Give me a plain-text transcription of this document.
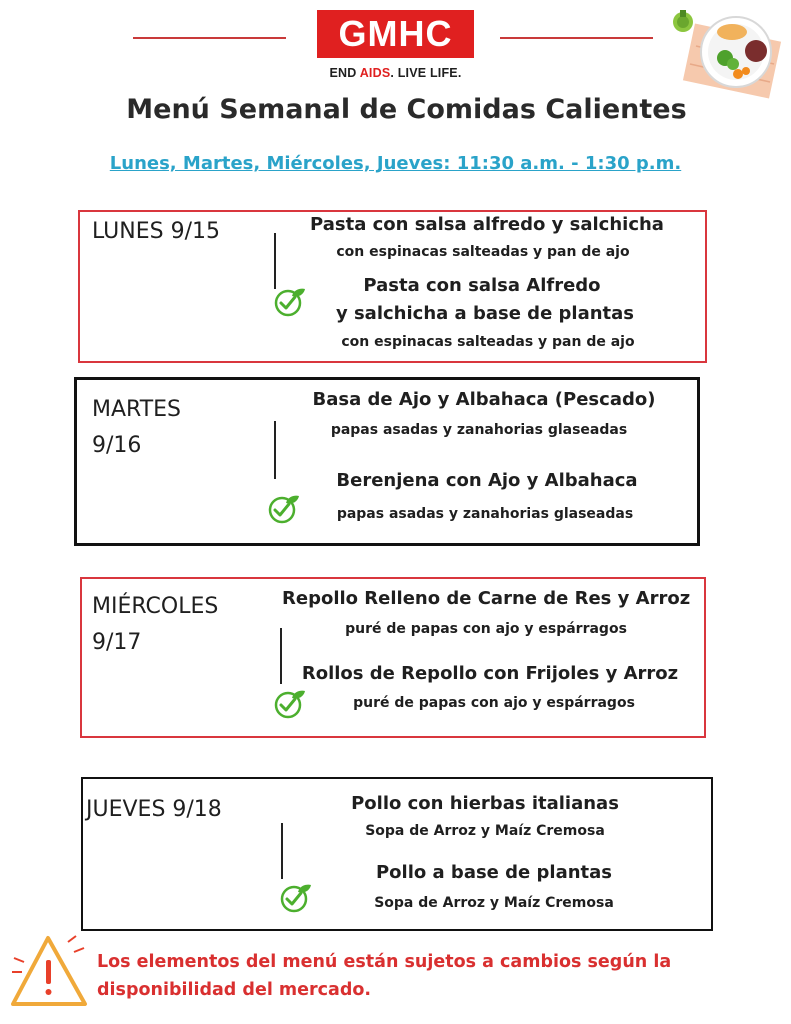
GMHC
END AIDS. LIVE LIFE.
Menú Semanal de Comidas Calientes
Lunes, Martes, Miércoles, Jueves: 11:30 a.m. - 1:30 p.m.
LUNES 9/15	Pasta con salsa alfredo y salchicha
con espinacas salteadas y pan de ajo
Pasta con salsa Alfredo
y salchicha a base de plantas
con espinacas salteadas y pan de ajo
MARTES
9/16
Basa de Ajo y Albahaca (Pescado)
papas asadas y zanahorias glaseadas
Berenjena con Ajo y Albahaca
papas asadas y zanahorias glaseadas
MIÉRCOLES
9/17
Repollo Relleno de Carne de Res y Arroz
puré de papas con ajo y espárragos
Rollos de Repollo con Frijoles y Arroz
puré de papas con ajo y espárragos
JUEVES 9/18	Pollo con hierbas italianas
Sopa de Arroz y Maíz Cremosa
Pollo a base de plantas
Sopa de Arroz y Maíz Cremosa
Los elementos del menú están sujetos a cambios según la disponibilidad del mercado.
